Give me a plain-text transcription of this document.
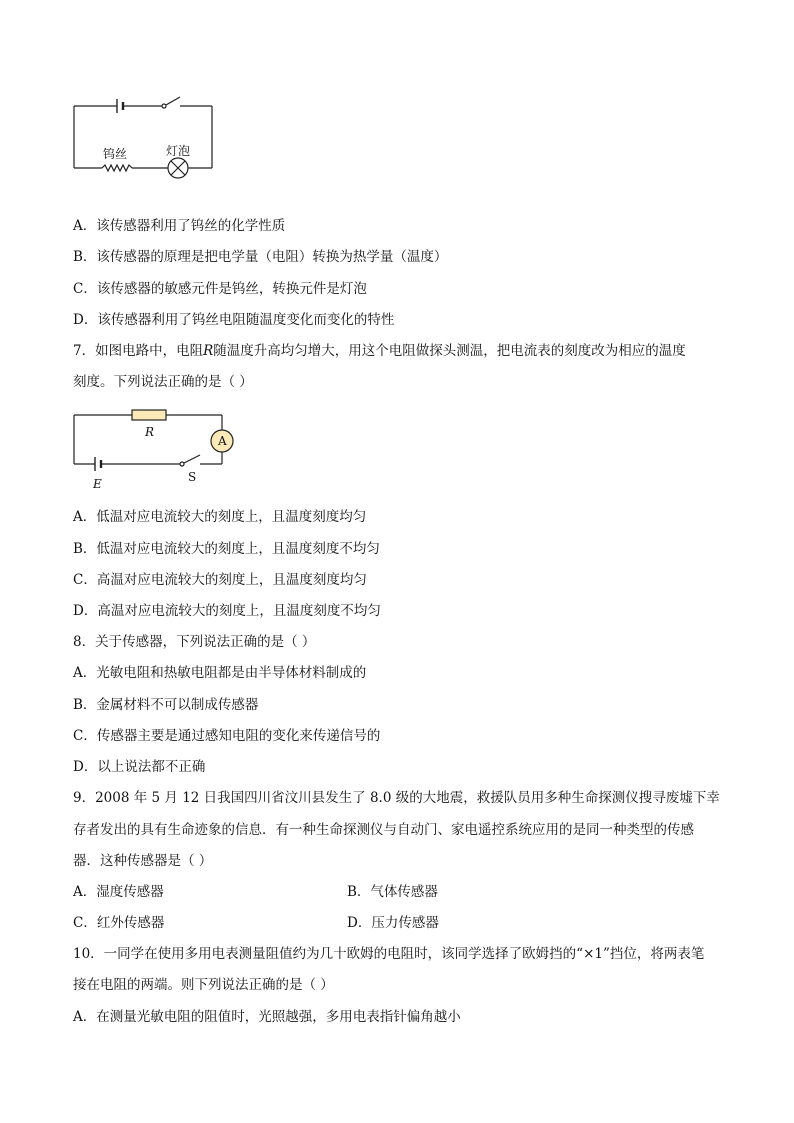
钨丝	灯泡
A．该传感器利用了钨丝的化学性质
B．该传感器的原理是把电学量（电阻）转换为热学量（温度）
C．该传感器的敏感元件是钨丝，转换元件是灯泡
D．该传感器利用了钨丝电阻随温度变化而变化的特性
7．如图电路中，电阻R随温度升高均匀增大，用这个电阻做探头测温，把电流表的刻度改为相应的温度
刻度。下列说法正确的是（ ）
R
A
S
E
A．低温对应电流较大的刻度上，且温度刻度均匀
B．低温对应电流较大的刻度上，且温度刻度不均匀
C．高温对应电流较大的刻度上，且温度刻度均匀
D．高温对应电流较大的刻度上，且温度刻度不均匀
8．关于传感器，下列说法正确的是（ ）
A．光敏电阻和热敏电阻都是由半导体材料制成的
B．金属材料不可以制成传感器
C．传感器主要是通过感知电阻的变化来传递信号的
D．以上说法都不正确
9．2008 年 5 月 12 日我国四川省汶川县发生了 8.0 级的大地震，救援队员用多种生命探测仪搜寻废墟下幸
存者发出的具有生命迹象的信息．有一种生命探测仪与自动门、家电遥控系统应用的是同一种类型的传感
器．这种传感器是（ ）
A．湿度传感器	B．气体传感器
C．红外传感器	D．压力传感器
10．一同学在使用多用电表测量阻值约为几十欧姆的电阻时，该同学选择了欧姆挡的“×1”挡位，将两表笔
接在电阻的两端。则下列说法正确的是（ ）
A．在测量光敏电阻的阻值时，光照越强，多用电表指针偏角越小
